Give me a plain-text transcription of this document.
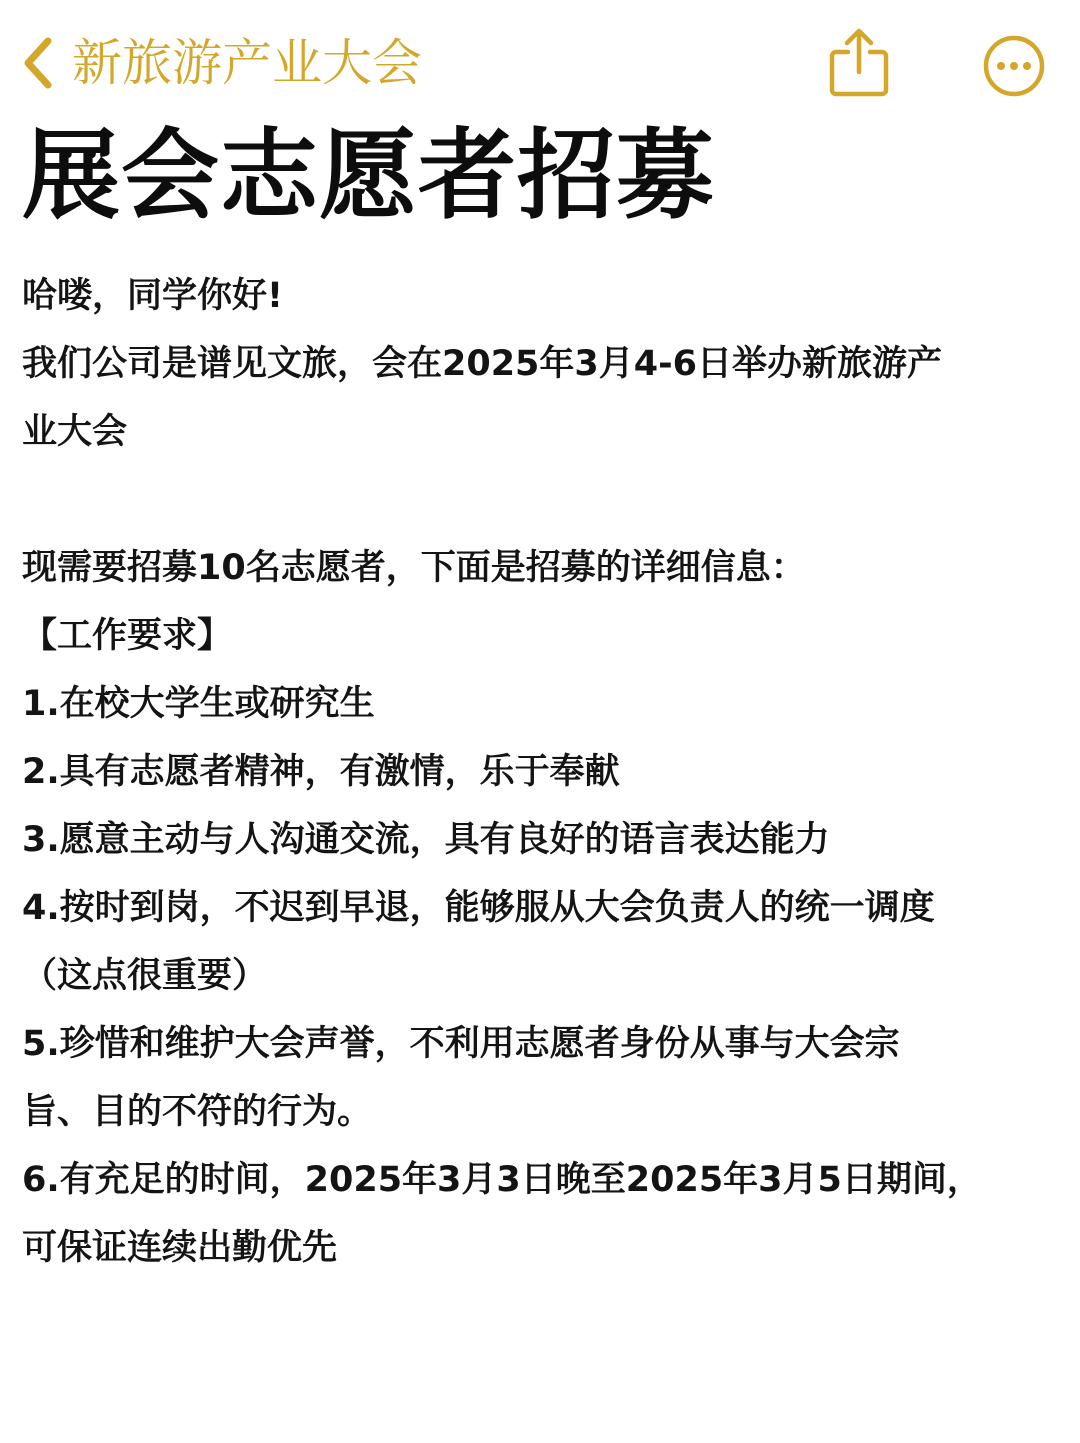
新旅游产业大会
展会志愿者招募
哈喽，同学你好!
我们公司是谱见文旅，会在2025年3月4-6日举办新旅游产
业大会
现需要招募10名志愿者，下面是招募的详细信息：
【工作要求】
1.在校大学生或研究生
2.具有志愿者精神，有激情，乐于奉献
3.愿意主动与人沟通交流，具有良好的语言表达能力
4.按时到岗，不迟到早退，能够服从大会负责人的统一调度
（这点很重要）
5.珍惜和维护大会声誉，不利用志愿者身份从事与大会宗
旨、目的不符的行为。
6.有充足的时间，2025年3月3日晚至2025年3月5日期间，
可保证连续出勤优先
